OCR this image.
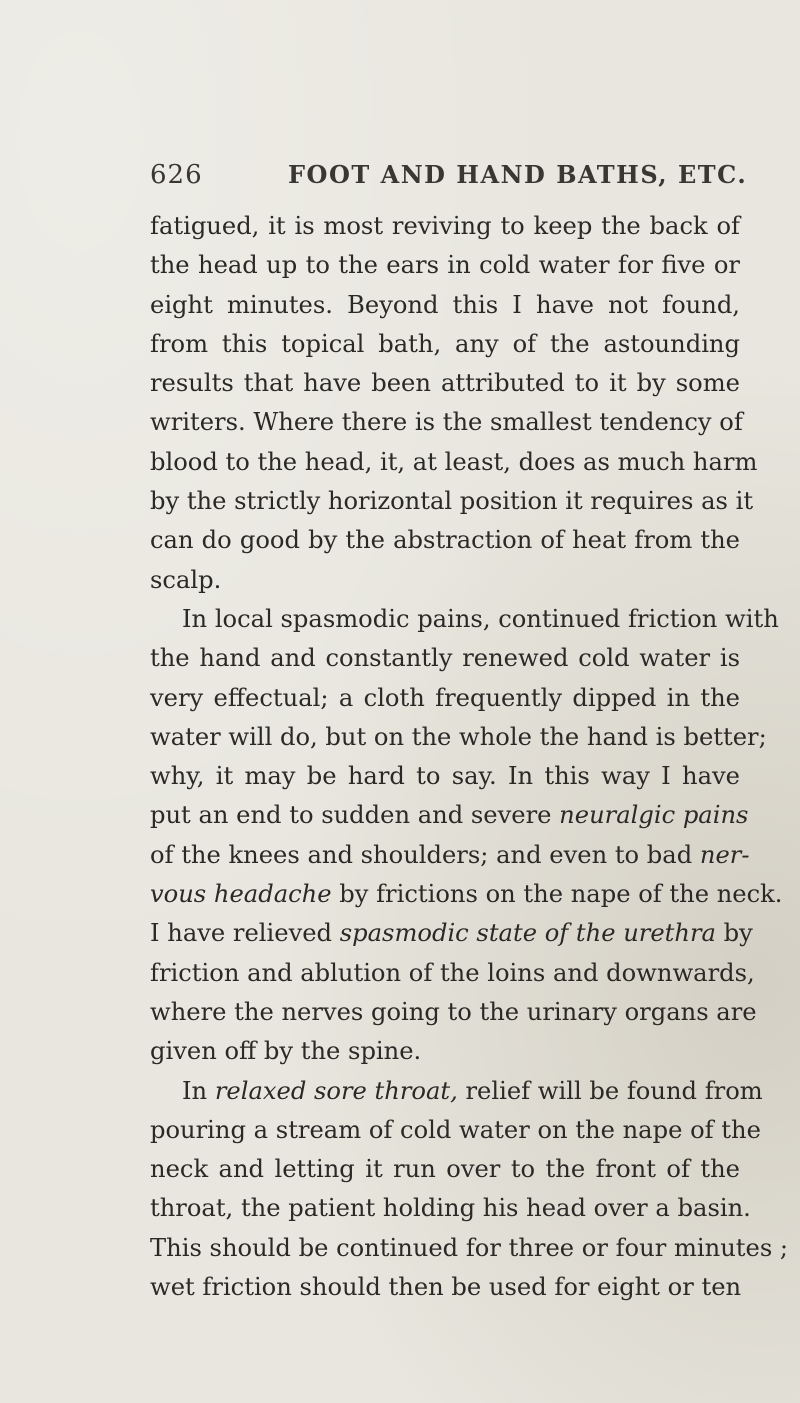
626	FOOT AND HAND BATHS, ETC.
fatigued, it is most reviving to keep the back of
the head up to the ears in cold water for five or
eight minutes. Beyond this I have not found,
from this topical bath, any of the astounding
results that have been attributed to it by some
writers. Where there is the smallest tendency of
blood to the head, it, at least, does as much harm
by the strictly horizontal position it requires as it
can do good by the abstraction of heat from the
scalp.
In local spasmodic pains, continued friction with
the hand and constantly renewed cold water is
very effectual; a cloth frequently dipped in the
water will do, but on the whole the hand is better;
why, it may be hard to say. In this way I have
put an end to sudden and severe neuralgic pains
of the knees and shoulders; and even to bad ner-
vous headache by frictions on the nape of the neck.
I have relieved spasmodic state of the urethra by
friction and ablution of the loins and downwards,
where the nerves going to the urinary organs are
given off by the spine.
In relaxed sore throat, relief will be found from
pouring a stream of cold water on the nape of the
neck and letting it run over to the front of the
throat, the patient holding his head over a basin.
This should be continued for three or four minutes ;
wet friction should then be used for eight or ten
